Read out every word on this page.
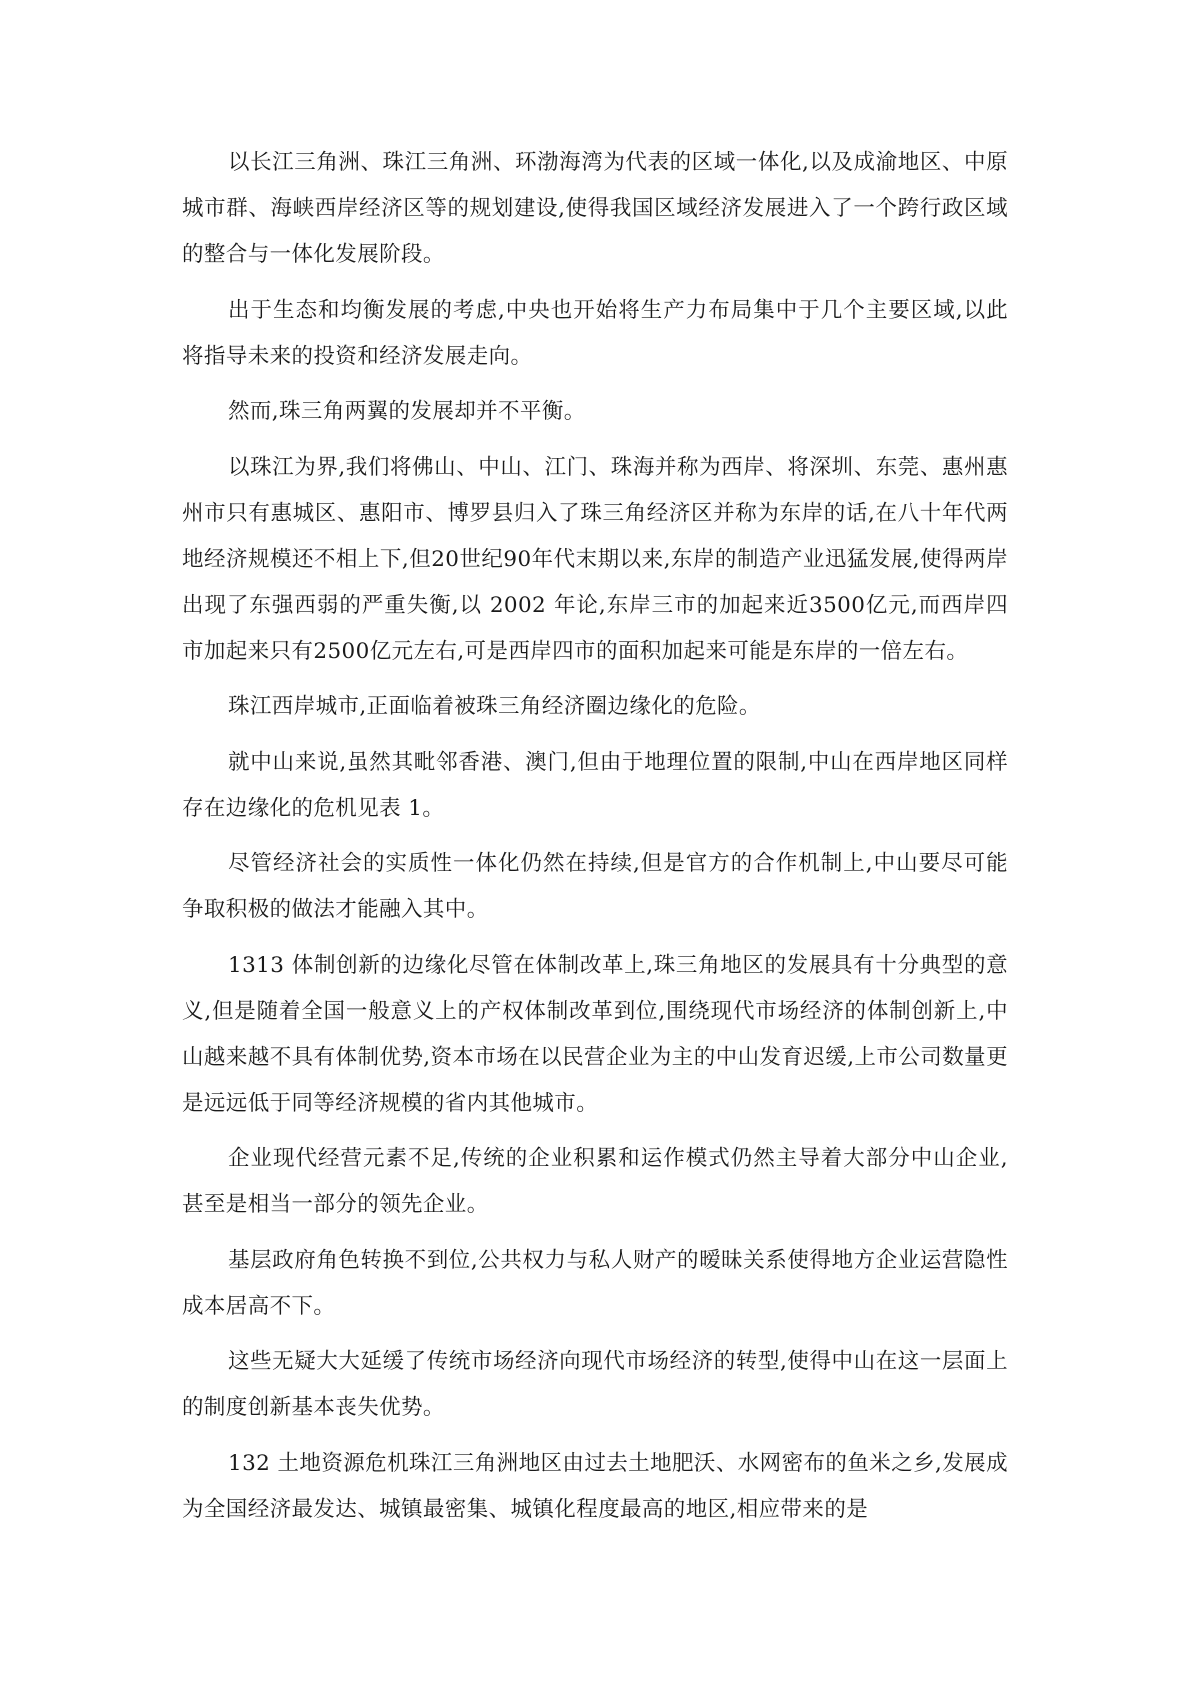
以长江三角洲、珠江三角洲、环渤海湾为代表的区域一体化,以及成渝地区、中原城市群、海峡西岸经济区等的规划建设,使得我国区域经济发展进入了一个跨行政区域的整合与一体化发展阶段。

出于生态和均衡发展的考虑,中央也开始将生产力布局集中于几个主要区域,以此将指导未来的投资和经济发展走向。

然而,珠三角两翼的发展却并不平衡。

以珠江为界,我们将佛山、中山、江门、珠海并称为西岸、将深圳、东莞、惠州惠州市只有惠城区、惠阳市、博罗县归入了珠三角经济区并称为东岸的话,在八十年代两地经济规模还不相上下,但20世纪90年代末期以来,东岸的制造产业迅猛发展,使得两岸出现了东强西弱的严重失衡,以 2002 年论,东岸三市的加起来近3500亿元,而西岸四市加起来只有2500亿元左右,可是西岸四市的面积加起来可能是东岸的一倍左右。

珠江西岸城市,正面临着被珠三角经济圈边缘化的危险。

就中山来说,虽然其毗邻香港、澳门,但由于地理位置的限制,中山在西岸地区同样存在边缘化的危机见表 1。

尽管经济社会的实质性一体化仍然在持续,但是官方的合作机制上,中山要尽可能争取积极的做法才能融入其中。

1313 体制创新的边缘化尽管在体制改革上,珠三角地区的发展具有十分典型的意义,但是随着全国一般意义上的产权体制改革到位,围绕现代市场经济的体制创新上,中山越来越不具有体制优势,资本市场在以民营企业为主的中山发育迟缓,上市公司数量更是远远低于同等经济规模的省内其他城市。

企业现代经营元素不足,传统的企业积累和运作模式仍然主导着大部分中山企业,甚至是相当一部分的领先企业。

基层政府角色转换不到位,公共权力与私人财产的暧昧关系使得地方企业运营隐性成本居高不下。

这些无疑大大延缓了传统市场经济向现代市场经济的转型,使得中山在这一层面上的制度创新基本丧失优势。

132 土地资源危机珠江三角洲地区由过去土地肥沃、水网密布的鱼米之乡,发展成为全国经济最发达、城镇最密集、城镇化程度最高的地区,相应带来的是
